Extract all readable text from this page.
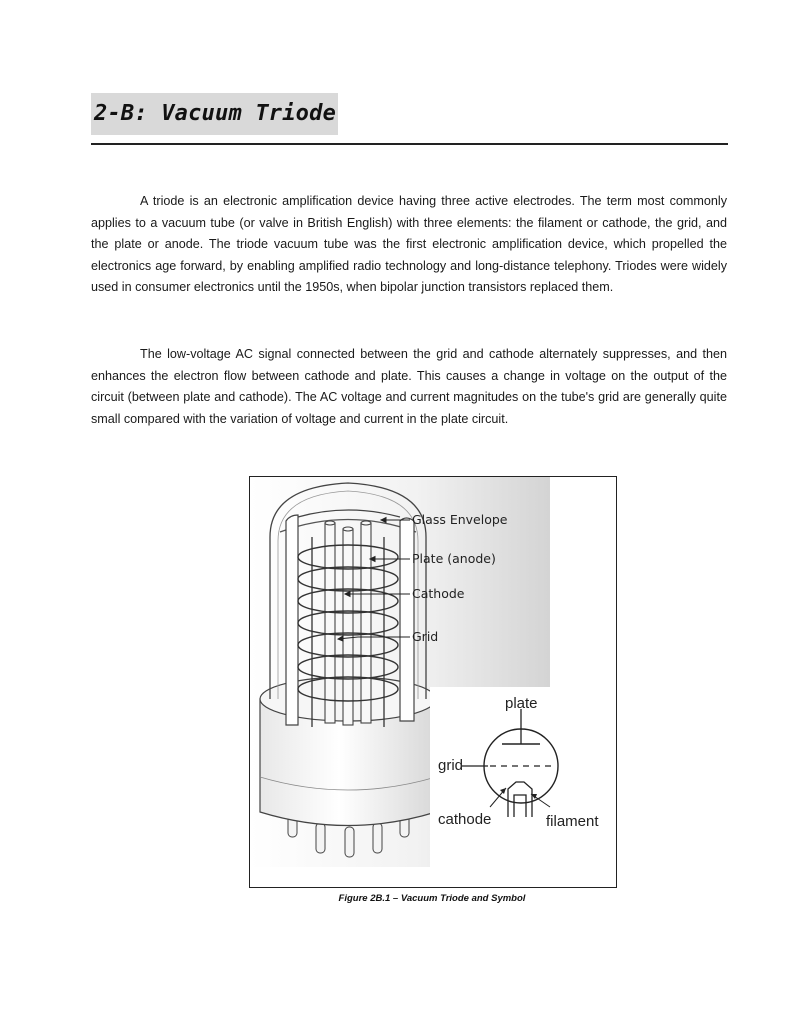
2-B: Vacuum Triode

A triode is an electronic amplification device having three active electrodes. The term most commonly applies to a vacuum tube (or valve in British English) with three elements: the filament or cathode, the grid, and the plate or anode. The triode vacuum tube was the first electronic amplification device, which propelled the electronics age forward, by enabling amplified radio technology and long-distance telephony. Triodes were widely used in consumer electronics until the 1950s, when bipolar junction transistors replaced them.

The low-voltage AC signal connected between the grid and cathode alternately suppresses, and then enhances the electron flow between cathode and plate. This causes a change in voltage on the output of the circuit (between plate and cathode). The AC voltage and current magnitudes on the tube's grid are generally quite small compared with the variation of voltage and current in the plate circuit.

Glass Envelope
Plate (anode)
Cathode
Grid
plate
grid
cathode	filament
Figure 2B.1 – Vacuum Triode and Symbol
